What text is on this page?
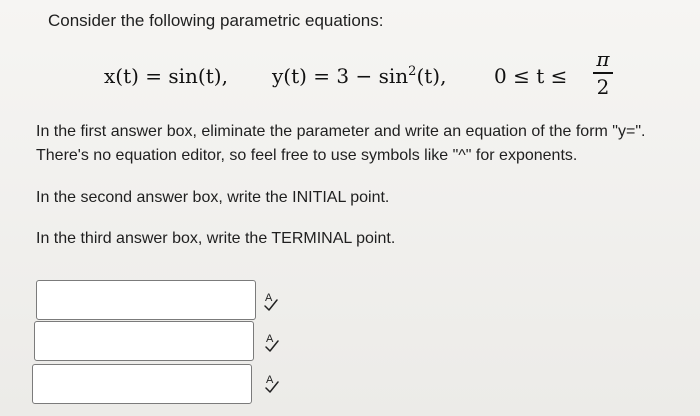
Consider the following parametric equations:
x(t) = sin(t), $y(t) = 3 - \sin^2(t)$, 0 ≤ t ≤
π
2
In the first answer box, eliminate the parameter and write an equation of the form "y=". There's no equation editor, so feel free to use symbols like "^" for exponents.
In the second answer box, write the INITIAL point.
In the third answer box, write the TERMINAL point.
A
A
A
